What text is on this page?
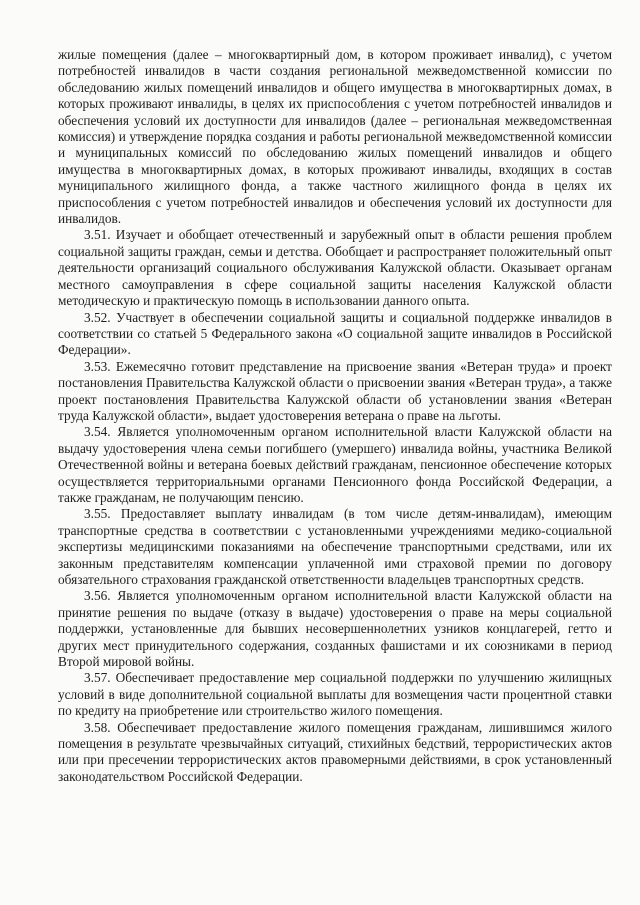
жилые помещения (далее – многоквартирный дом, в котором проживает инвалид), с учетом потребностей инвалидов в части создания региональной межведомственной комиссии по обследованию жилых помещений инвалидов и общего имущества в многоквартирных домах, в которых проживают инвалиды, в целях их приспособления с учетом потребностей инвалидов и обеспечения условий их доступности для инвалидов (далее – региональная межведомственная комиссия) и утверждение порядка создания и работы региональной межведомственной комиссии и муниципальных комиссий по обследованию жилых помещений инвалидов и общего имущества в многоквартирных домах, в которых проживают инвалиды, входящих в состав муниципального жилищного фонда, а также частного жилищного фонда в целях их приспособления с учетом потребностей инвалидов и обеспечения условий их доступности для инвалидов.

3.51. Изучает и обобщает отечественный и зарубежный опыт в области решения проблем социальной защиты граждан, семьи и детства. Обобщает и распространяет положительный опыт деятельности организаций социального обслуживания Калужской области. Оказывает органам местного самоуправления в сфере социальной защиты населения Калужской области методическую и практическую помощь в использовании данного опыта.

3.52. Участвует в обеспечении социальной защиты и социальной поддержке инвалидов в соответствии со статьей 5 Федерального закона «О социальной защите инвалидов в Российской Федерации».

3.53. Ежемесячно готовит представление на присвоение звания «Ветеран труда» и проект постановления Правительства Калужской области о присвоении звания «Ветеран труда», а также проект постановления Правительства Калужской области об установлении звания «Ветеран труда Калужской области», выдает удостоверения ветерана о праве на льготы.

3.54. Является уполномоченным органом исполнительной власти Калужской области на выдачу удостоверения члена семьи погибшего (умершего) инвалида войны, участника Великой Отечественной войны и ветерана боевых действий гражданам, пенсионное обеспечение которых осуществляется территориальными органами Пенсионного фонда Российской Федерации, а также гражданам, не получающим пенсию.

3.55. Предоставляет выплату инвалидам (в том числе детям-инвалидам), имеющим транспортные средства в соответствии с установленными учреждениями медико-социальной экспертизы медицинскими показаниями на обеспечение транспортными средствами, или их законным представителям компенсации уплаченной ими страховой премии по договору обязательного страхования гражданской ответственности владельцев транспортных средств.

3.56. Является уполномоченным органом исполнительной власти Калужской области на принятие решения по выдаче (отказу в выдаче) удостоверения о праве на меры социальной поддержки, установленные для бывших несовершеннолетних узников концлагерей, гетто и других мест принудительного содержания, созданных фашистами и их союзниками в период Второй мировой войны.

3.57. Обеспечивает предоставление мер социальной поддержки по улучшению жилищных условий в виде дополнительной социальной выплаты для возмещения части процентной ставки по кредиту на приобретение или строительство жилого помещения.

3.58. Обеспечивает предоставление жилого помещения гражданам, лишившимся жилого помещения в результате чрезвычайных ситуаций, стихийных бедствий, террористических актов или при пресечении террористических актов правомерными действиями, в срок установленный законодательством Российской Федерации.
